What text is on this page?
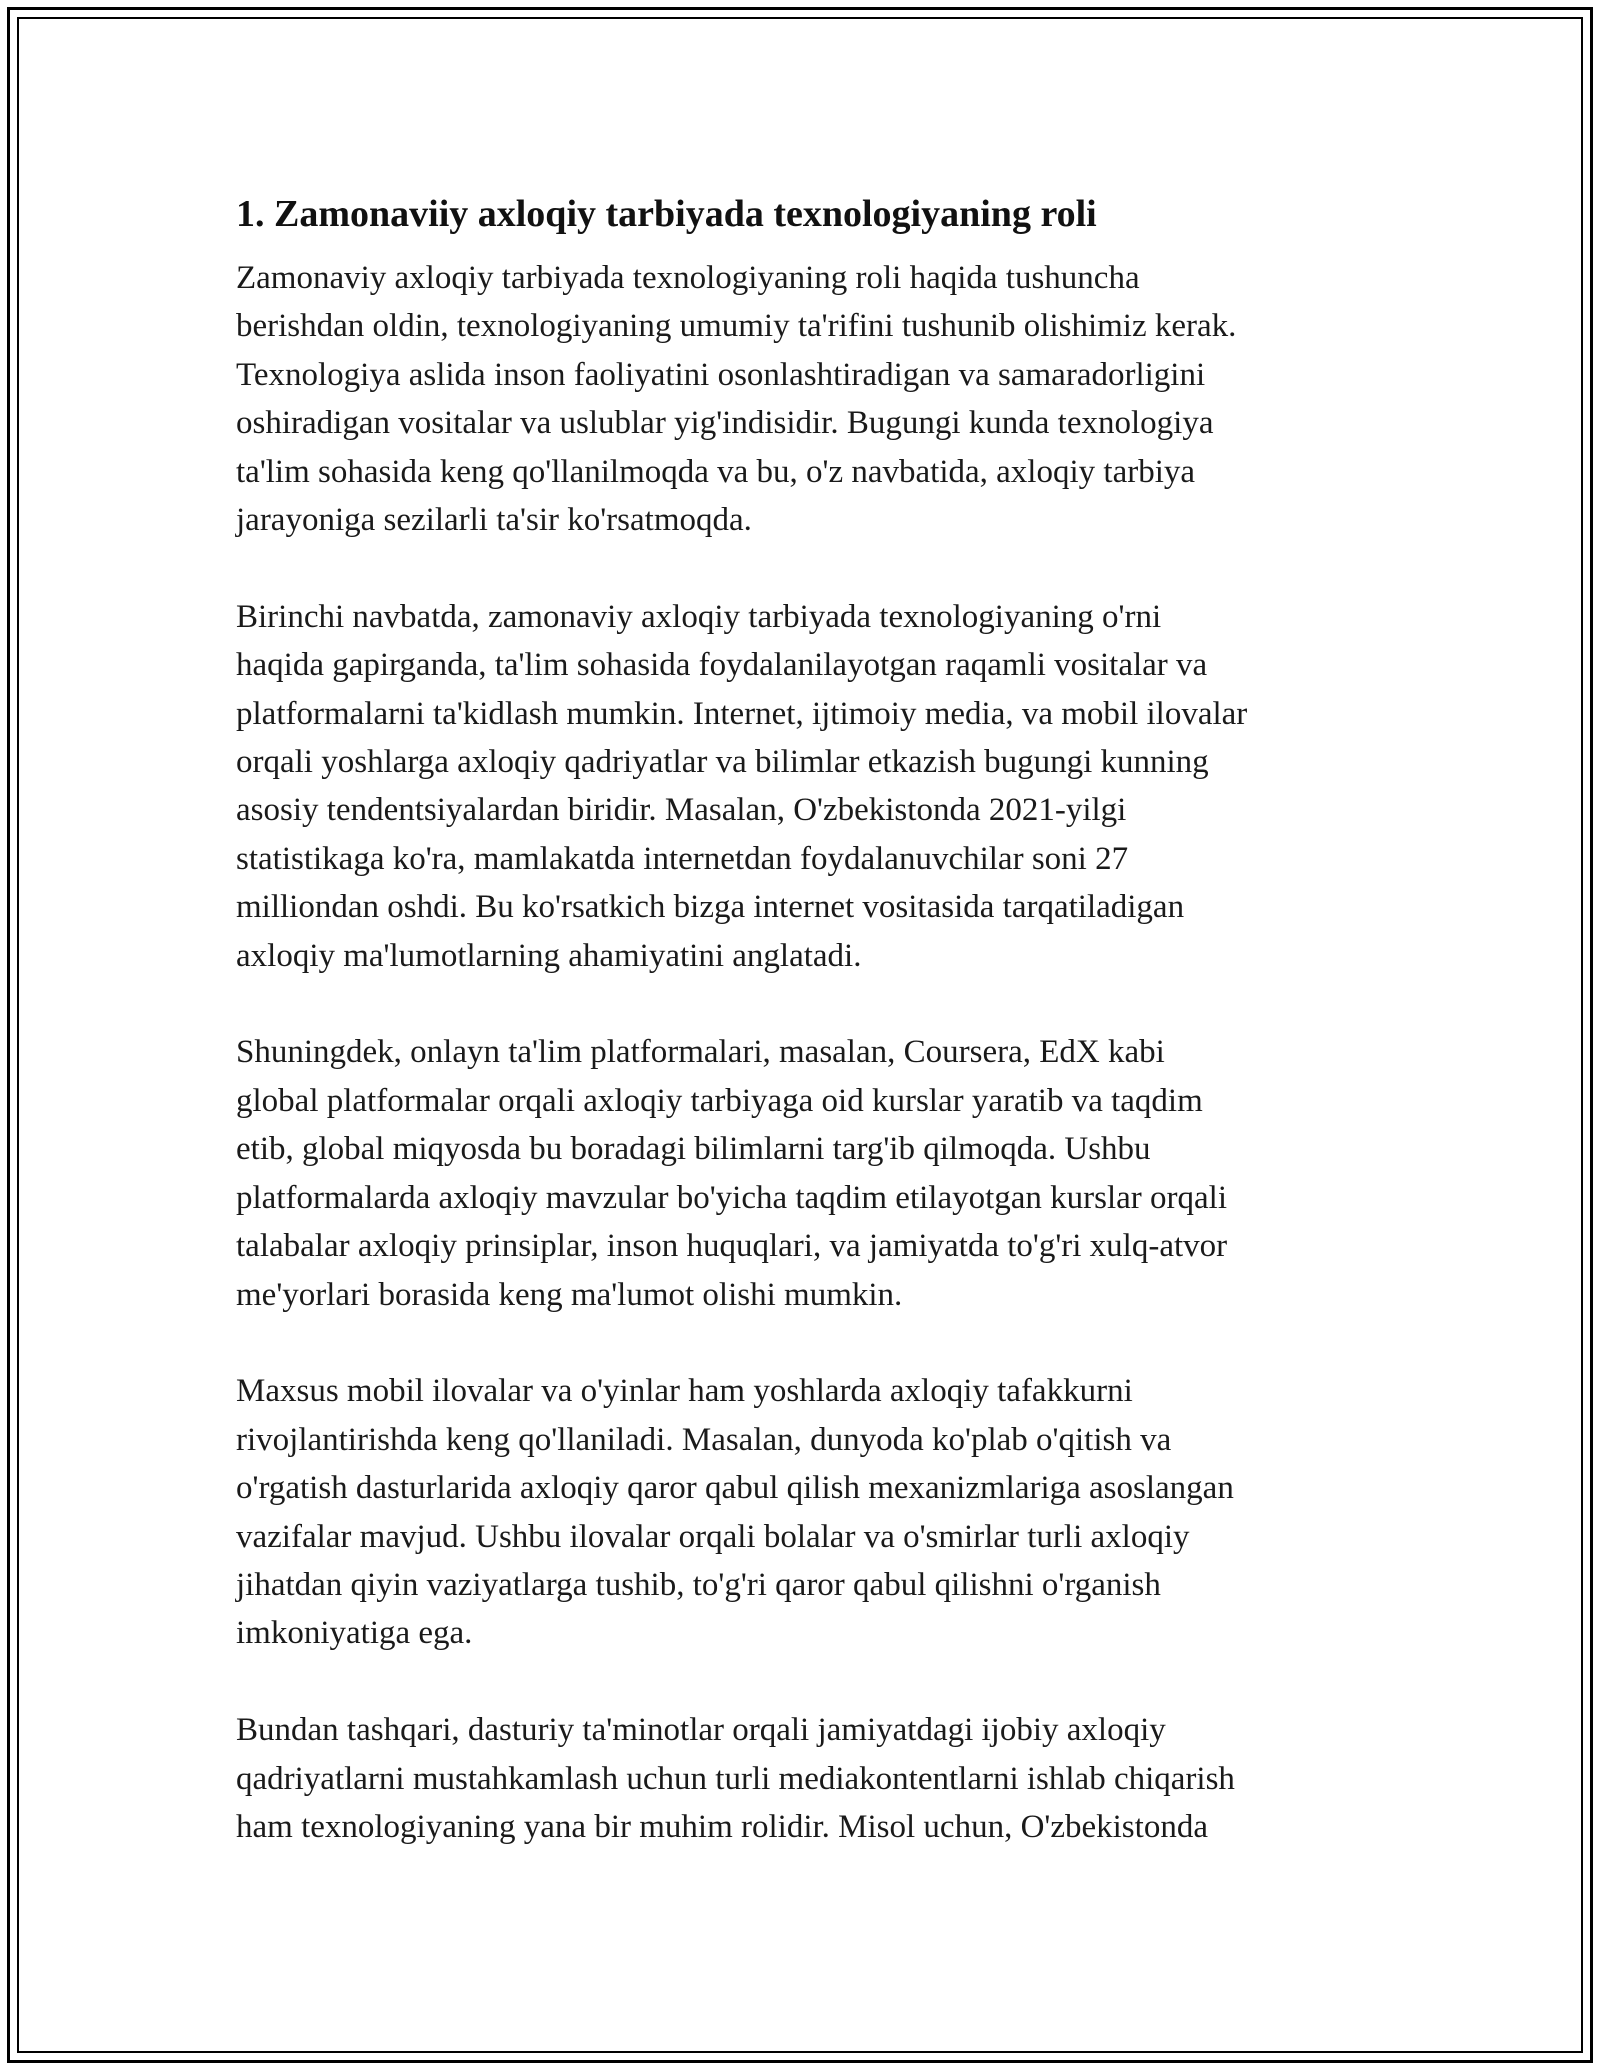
1. Zamonaviiy axloqiy tarbiyada texnologiyaning roli

Zamonaviy axloqiy tarbiyada texnologiyaning roli haqida tushuncha
berishdan oldin, texnologiyaning umumiy ta'rifini tushunib olishimiz kerak.
Texnologiya aslida inson faoliyatini osonlashtiradigan va samaradorligini
oshiradigan vositalar va uslublar yig'indisidir. Bugungi kunda texnologiya
ta'lim sohasida keng qo'llanilmoqda va bu, o'z navbatida, axloqiy tarbiya
jarayoniga sezilarli ta'sir ko'rsatmoqda.

Birinchi navbatda, zamonaviy axloqiy tarbiyada texnologiyaning o'rni
haqida gapirganda, ta'lim sohasida foydalanilayotgan raqamli vositalar va
platformalarni ta'kidlash mumkin. Internet, ijtimoiy media, va mobil ilovalar
orqali yoshlarga axloqiy qadriyatlar va bilimlar etkazish bugungi kunning
asosiy tendentsiyalardan biridir. Masalan, O'zbekistonda 2021-yilgi
statistikaga ko'ra, mamlakatda internetdan foydalanuvchilar soni 27
milliondan oshdi. Bu ko'rsatkich bizga internet vositasida tarqatiladigan
axloqiy ma'lumotlarning ahamiyatini anglatadi.

Shuningdek, onlayn ta'lim platformalari, masalan, Coursera, EdX kabi
global platformalar orqali axloqiy tarbiyaga oid kurslar yaratib va taqdim
etib, global miqyosda bu boradagi bilimlarni targ'ib qilmoqda. Ushbu
platformalarda axloqiy mavzular bo'yicha taqdim etilayotgan kurslar orqali
talabalar axloqiy prinsiplar, inson huquqlari, va jamiyatda to'g'ri xulq-atvor
me'yorlari borasida keng ma'lumot olishi mumkin.

Maxsus mobil ilovalar va o'yinlar ham yoshlarda axloqiy tafakkurni
rivojlantirishda keng qo'llaniladi. Masalan, dunyoda ko'plab o'qitish va
o'rgatish dasturlarida axloqiy qaror qabul qilish mexanizmlariga asoslangan
vazifalar mavjud. Ushbu ilovalar orqali bolalar va o'smirlar turli axloqiy
jihatdan qiyin vaziyatlarga tushib, to'g'ri qaror qabul qilishni o'rganish
imkoniyatiga ega.

Bundan tashqari, dasturiy ta'minotlar orqali jamiyatdagi ijobiy axloqiy
qadriyatlarni mustahkamlash uchun turli mediakontentlarni ishlab chiqarish
ham texnologiyaning yana bir muhim rolidir. Misol uchun, O'zbekistonda
